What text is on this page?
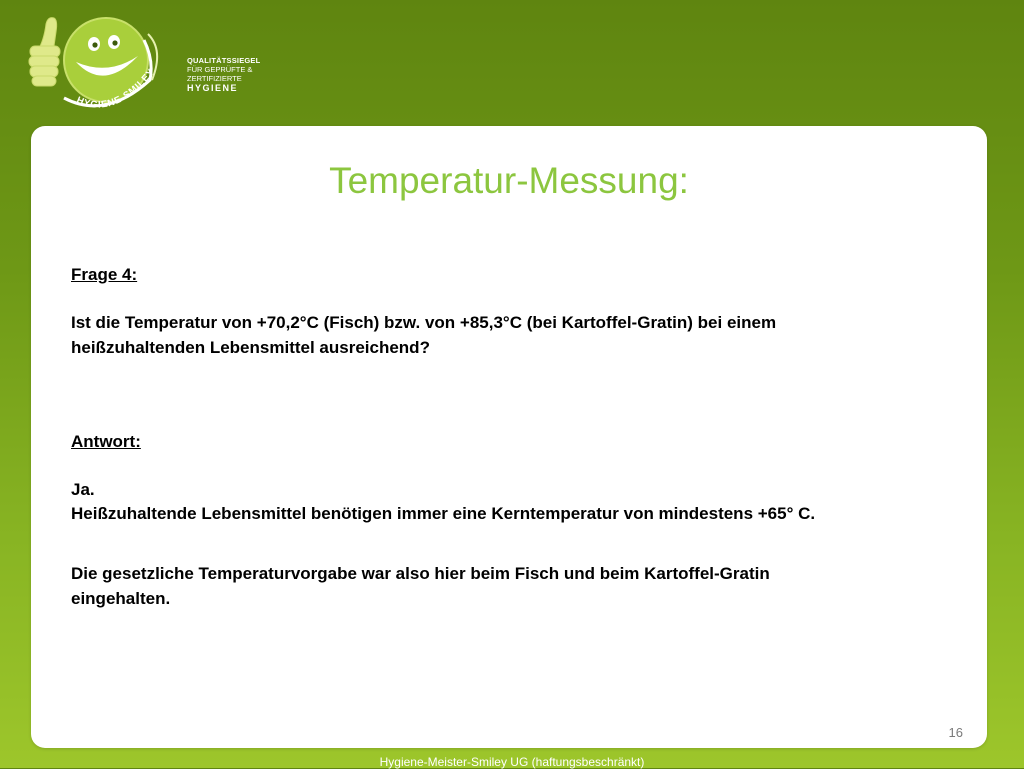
HYGIENE-SMILEY
QUALITÄTSSIEGEL
FÜR GEPRÜFTE &
ZERTIFIZIERTE
HYGIENE
Temperatur-Messung:

Frage 4:

Ist die Temperatur von +70,2°C (Fisch) bzw. von +85,3°C (bei Kartoffel-Gratin) bei einem

heißzuhaltenden Lebensmittel ausreichend?

Antwort:

Ja.

Heißzuhaltende Lebensmittel benötigen immer eine Kerntemperatur von mindestens +65° C.

Die gesetzliche Temperaturvorgabe war also hier beim Fisch und beim Kartoffel-Gratin

eingehalten.

16
Hygiene-Meister-Smiley UG (haftungsbeschränkt)
